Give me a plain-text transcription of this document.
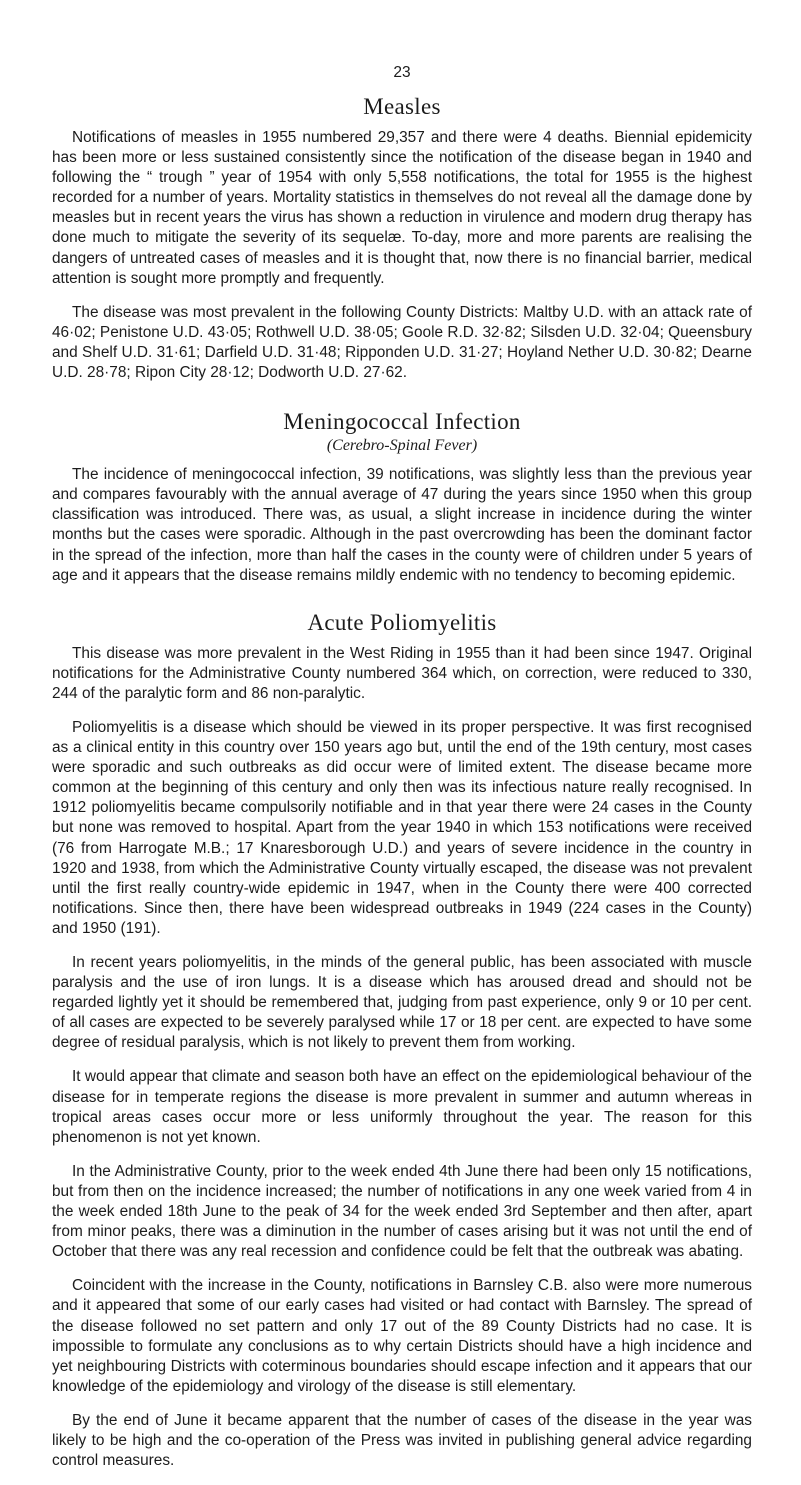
23
Measles

Notifications of measles in 1955 numbered 29,357 and there were 4 deaths. Biennial epidemicity has been more or less sustained consistently since the notification of the disease began in 1940 and following the “ trough ” year of 1954 with only 5,558 notifications, the total for 1955 is the highest recorded for a number of years. Mortality statistics in themselves do not reveal all the damage done by measles but in recent years the virus has shown a reduction in virulence and modern drug therapy has done much to mitigate the severity of its sequelæ. To-day, more and more parents are realising the dangers of untreated cases of measles and it is thought that, now there is no financial barrier, medical attention is sought more promptly and frequently.

The disease was most prevalent in the following County Districts: Maltby U.D. with an attack rate of 46·02; Penistone U.D. 43·05; Rothwell U.D. 38·05; Goole R.D. 32·82; Silsden U.D. 32·04; Queensbury and Shelf U.D. 31·61; Darfield U.D. 31·48; Ripponden U.D. 31·27; Hoyland Nether U.D. 30·82; Dearne U.D. 28·78; Ripon City 28·12; Dodworth U.D. 27·62.

Meningococcal Infection
(Cerebro-Spinal Fever)

The incidence of meningococcal infection, 39 notifications, was slightly less than the previous year and compares favourably with the annual average of 47 during the years since 1950 when this group classification was introduced. There was, as usual, a slight increase in incidence during the winter months but the cases were sporadic. Although in the past overcrowding has been the dominant factor in the spread of the infection, more than half the cases in the county were of children under 5 years of age and it appears that the disease remains mildly endemic with no tendency to becoming epidemic.

Acute Poliomyelitis

This disease was more prevalent in the West Riding in 1955 than it had been since 1947. Original notifications for the Administrative County numbered 364 which, on correction, were reduced to 330, 244 of the paralytic form and 86 non-paralytic.

Poliomyelitis is a disease which should be viewed in its proper perspective. It was first recognised as a clinical entity in this country over 150 years ago but, until the end of the 19th century, most cases were sporadic and such outbreaks as did occur were of limited extent. The disease became more common at the beginning of this century and only then was its infectious nature really recognised. In 1912 poliomyelitis became compulsorily notifiable and in that year there were 24 cases in the County but none was removed to hospital. Apart from the year 1940 in which 153 notifications were received (76 from Harrogate M.B.; 17 Knaresborough U.D.) and years of severe incidence in the country in 1920 and 1938, from which the Administrative County virtually escaped, the disease was not prevalent until the first really country-wide epidemic in 1947, when in the County there were 400 corrected notifications. Since then, there have been widespread outbreaks in 1949 (224 cases in the County) and 1950 (191).

In recent years poliomyelitis, in the minds of the general public, has been associated with muscle paralysis and the use of iron lungs. It is a disease which has aroused dread and should not be regarded lightly yet it should be remembered that, judging from past experience, only 9 or 10 per cent. of all cases are expected to be severely paralysed while 17 or 18 per cent. are expected to have some degree of residual paralysis, which is not likely to prevent them from working.

It would appear that climate and season both have an effect on the epidemiological behaviour of the disease for in temperate regions the disease is more prevalent in summer and autumn whereas in tropical areas cases occur more or less uniformly throughout the year. The reason for this phenomenon is not yet known.

In the Administrative County, prior to the week ended 4th June there had been only 15 notifications, but from then on the incidence increased; the number of notifications in any one week varied from 4 in the week ended 18th June to the peak of 34 for the week ended 3rd September and then after, apart from minor peaks, there was a diminution in the number of cases arising but it was not until the end of October that there was any real recession and confidence could be felt that the outbreak was abating.

Coincident with the increase in the County, notifications in Barnsley C.B. also were more numerous and it appeared that some of our early cases had visited or had contact with Barnsley. The spread of the disease followed no set pattern and only 17 out of the 89 County Districts had no case. It is impossible to formulate any conclusions as to why certain Districts should have a high incidence and yet neighbouring Districts with coterminous boundaries should escape infection and it appears that our knowledge of the epidemiology and virology of the disease is still elementary.

By the end of June it became apparent that the number of cases of the disease in the year was likely to be high and the co-operation of the Press was invited in publishing general advice regarding control measures.
